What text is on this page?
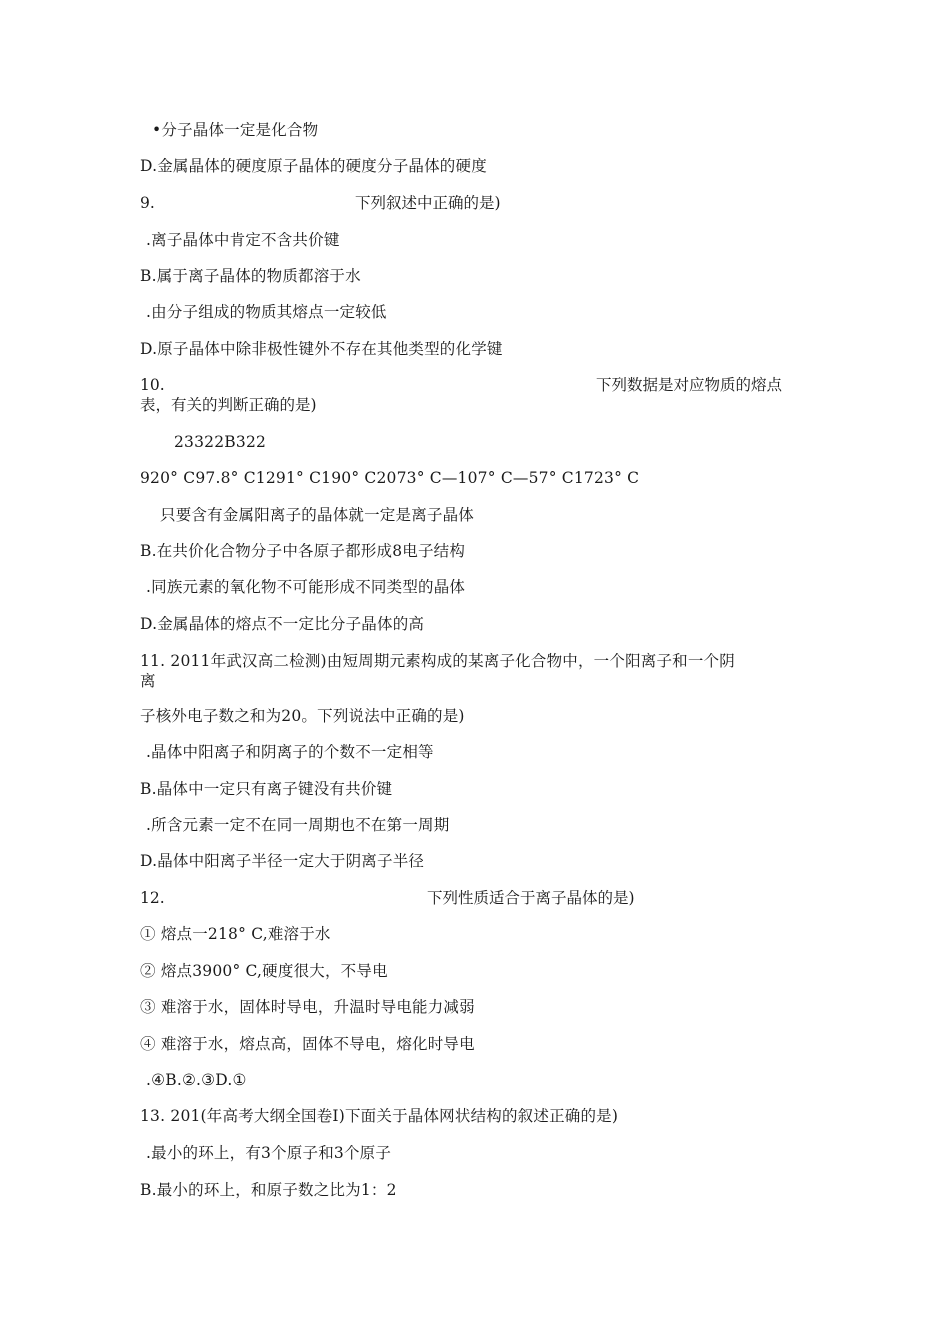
•分子晶体一定是化合物
D.金属晶体的硬度原子晶体的硬度分子晶体的硬度
9.	下列叙述中正确的是)
.离子晶体中肯定不含共价键
B.属于离子晶体的物质都溶于水
.由分子组成的物质其熔点一定较低
D.原子晶体中除非极性键外不存在其他类型的化学键
10.	下列数据是对应物质的熔点
表，有关的判断正确的是)
23322B322
920° C97.8° C1291° C190° C2073° C—107° C—57° C1723° C
只要含有金属阳离子的晶体就一定是离子晶体
B.在共价化合物分子中各原子都形成8电子结构
.同族元素的氧化物不可能形成不同类型的晶体
D.金属晶体的熔点不一定比分子晶体的高
11. 2011年武汉高二检测)由短周期元素构成的某离子化合物中，一个阳离子和一个阴
离
子核外电子数之和为20。下列说法中正确的是)
.晶体中阳离子和阴离子的个数不一定相等
B.晶体中一定只有离子键没有共价键
.所含元素一定不在同一周期也不在第一周期
D.晶体中阳离子半径一定大于阴离子半径
12.	下列性质适合于离子晶体的是)
① 熔点一218° C,难溶于水
② 熔点3900° C,硬度很大，不导电
③ 难溶于水，固体时导电，升温时导电能力减弱
④ 难溶于水，熔点高，固体不导电，熔化时导电
.④B.②.③D.①
13. 201(年高考大纲全国卷I)下面关于晶体网状结构的叙述正确的是)
.最小的环上，有3个原子和3个原子
B.最小的环上，和原子数之比为1：2
